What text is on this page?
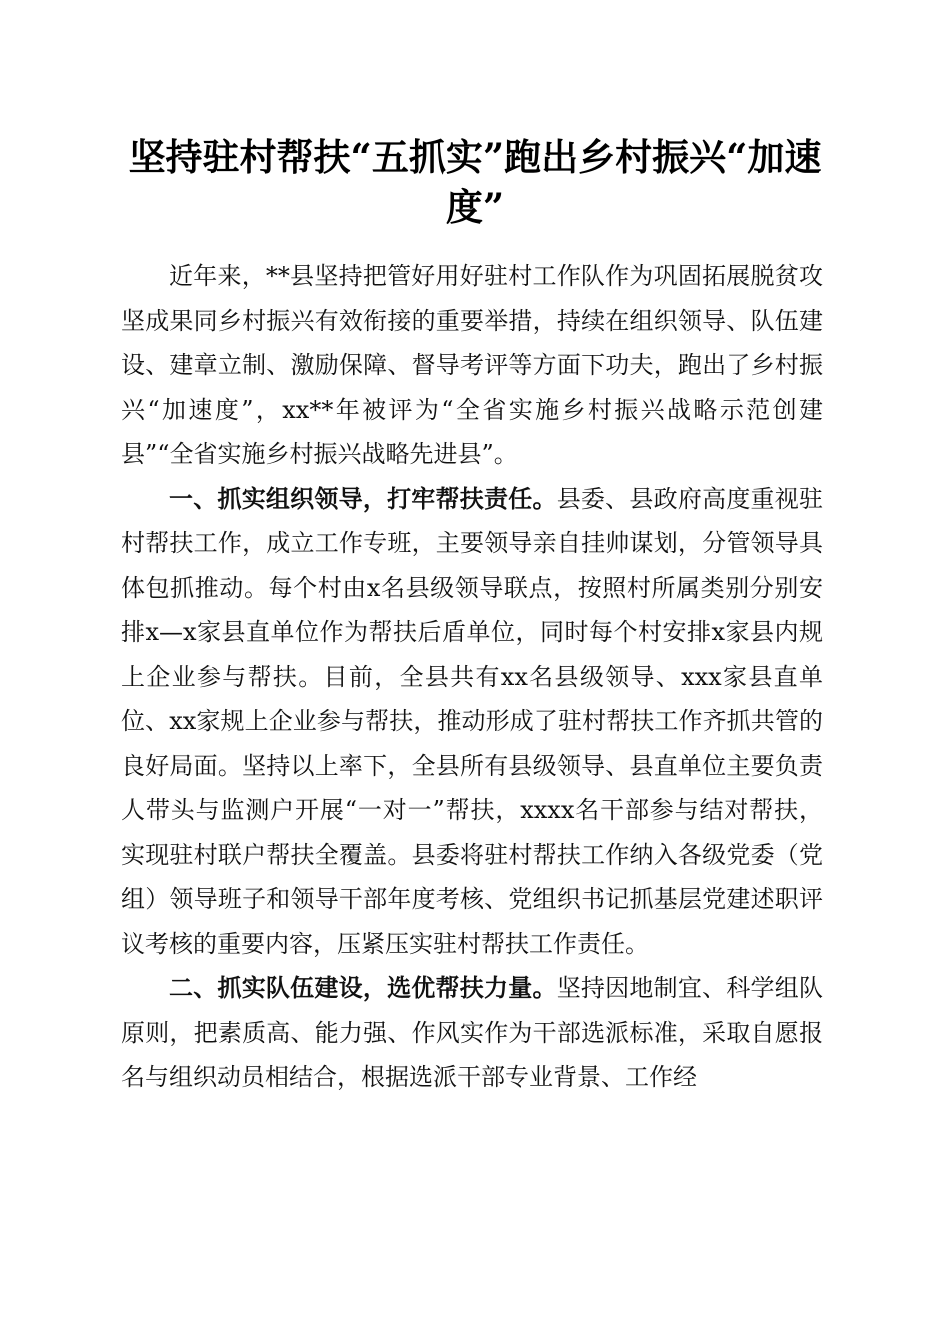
坚持驻村帮扶“五抓实”跑出乡村振兴“加速度”

近年来，**县坚持把管好用好驻村工作队作为巩固拓展脱贫攻坚成果同乡村振兴有效衔接的重要举措，持续在组织领导、队伍建设、建章立制、激励保障、督导考评等方面下功夫，跑出了乡村振兴“加速度”，xx**年被评为“全省实施乡村振兴战略示范创建县”“全省实施乡村振兴战略先进县”。

一、抓实组织领导，打牢帮扶责任。县委、县政府高度重视驻村帮扶工作，成立工作专班，主要领导亲自挂帅谋划，分管领导具体包抓推动。每个村由x名县级领导联点，按照村所属类别分别安排x—x家县直单位作为帮扶后盾单位，同时每个村安排x家县内规上企业参与帮扶。目前，全县共有xx名县级领导、xxx家县直单位、xx家规上企业参与帮扶，推动形成了驻村帮扶工作齐抓共管的良好局面。坚持以上率下，全县所有县级领导、县直单位主要负责人带头与监测户开展“一对一”帮扶，xxxx名干部参与结对帮扶，实现驻村联户帮扶全覆盖。县委将驻村帮扶工作纳入各级党委（党组）领导班子和领导干部年度考核、党组织书记抓基层党建述职评议考核的重要内容，压紧压实驻村帮扶工作责任。

二、抓实队伍建设，选优帮扶力量。坚持因地制宜、科学组队原则，把素质高、能力强、作风实作为干部选派标准，采取自愿报名与组织动员相结合，根据选派干部专业背景、工作经
